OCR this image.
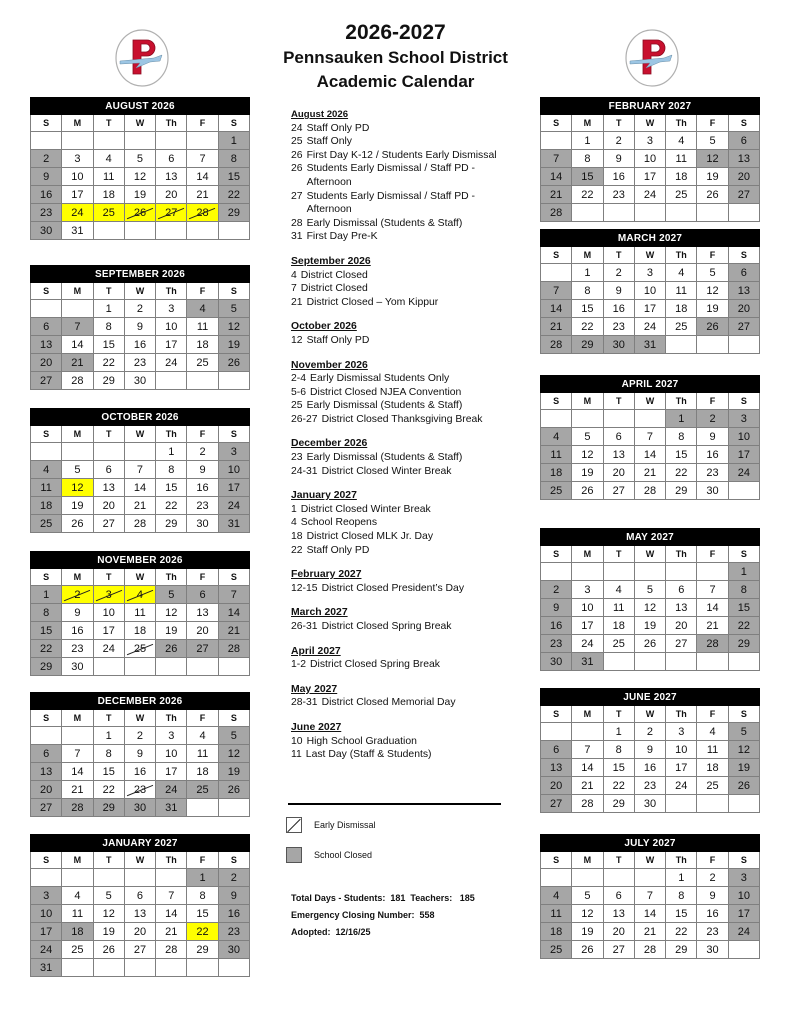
2026-2027
Pennsauken School District
Academic Calendar
AUGUST 2026						
S	M	T	W	Th	F	S
						1
2	3	4	5	6	7	8
9	10	11	12	13	14	15
16	17	18	19	20	21	22
23	24	25	26	27	28	29
30	31					
SEPTEMBER 2026						
S	M	T	W	Th	F	S
		1	2	3	4	5
6	7	8	9	10	11	12
13	14	15	16	17	18	19
20	21	22	23	24	25	26
27	28	29	30			
OCTOBER 2026						
S	M	T	W	Th	F	S
				1	2	3
4	5	6	7	8	9	10
11	12	13	14	15	16	17
18	19	20	21	22	23	24
25	26	27	28	29	30	31
NOVEMBER 2026						
S	M	T	W	Th	F	S
1	2	3	4	5	6	7
8	9	10	11	12	13	14
15	16	17	18	19	20	21
22	23	24	25	26	27	28
29	30					
DECEMBER 2026						
S	M	T	W	Th	F	S
		1	2	3	4	5
6	7	8	9	10	11	12
13	14	15	16	17	18	19
20	21	22	23	24	25	26
27	28	29	30	31		
JANUARY 2027						
S	M	T	W	Th	F	S
					1	2
3	4	5	6	7	8	9
10	11	12	13	14	15	16
17	18	19	20	21	22	23
24	25	26	27	28	29	30
31						
FEBRUARY 2027						
S	M	T	W	Th	F	S
	1	2	3	4	5	6
7	8	9	10	11	12	13
14	15	16	17	18	19	20
21	22	23	24	25	26	27
28						
MARCH 2027						
S	M	T	W	Th	F	S
	1	2	3	4	5	6
7	8	9	10	11	12	13
14	15	16	17	18	19	20
21	22	23	24	25	26	27
28	29	30	31			
APRIL 2027						
S	M	T	W	Th	F	S
				1	2	3
4	5	6	7	8	9	10
11	12	13	14	15	16	17
18	19	20	21	22	23	24
25	26	27	28	29	30	
MAY 2027						
S	M	T	W	Th	F	S
						1
2	3	4	5	6	7	8
9	10	11	12	13	14	15
16	17	18	19	20	21	22
23	24	25	26	27	28	29
30	31					
JUNE 2027						
S	M	T	W	Th	F	S
		1	2	3	4	5
6	7	8	9	10	11	12
13	14	15	16	17	18	19
20	21	22	23	24	25	26
27	28	29	30			
JULY 2027						
S	M	T	W	Th	F	S
				1	2	3
4	5	6	7	8	9	10
11	12	13	14	15	16	17
18	19	20	21	22	23	24
25	26	27	28	29	30	
August 2026
24 Staff Only PD
25 Staff Only
26 First Day K-12 / Students Early Dismissal
26 Students Early Dismissal / Staff PD - Afternoon
27 Students Early Dismissal / Staff PD - Afternoon
28 Early Dismissal (Students & Staff)
31 First Day Pre-K
September 2026
4 District Closed
7 District Closed
21 District Closed – Yom Kippur
October 2026
12 Staff Only PD
November 2026
2-4 Early Dismissal Students Only
5-6 District Closed NJEA Convention
25 Early Dismissal (Students & Staff)
26-27 District Closed Thanksgiving Break
December 2026
23 Early Dismissal (Students & Staff)
24-31 District Closed Winter Break
January 2027
1 District Closed Winter Break
4 School Reopens
18 District Closed MLK Jr. Day
22 Staff Only PD
February 2027
12-15 District Closed President’s Day
March 2027
26-31 District Closed Spring Break
April 2027
1-2 District Closed Spring Break
May 2027
28-31 District Closed Memorial Day
June 2027
10 High School Graduation
11 Last Day (Staff & Students)
Early Dismissal
School Closed
Total Days - Students:  181  Teachers:   185
Emergency Closing Number:  558
Adopted:  12/16/25
